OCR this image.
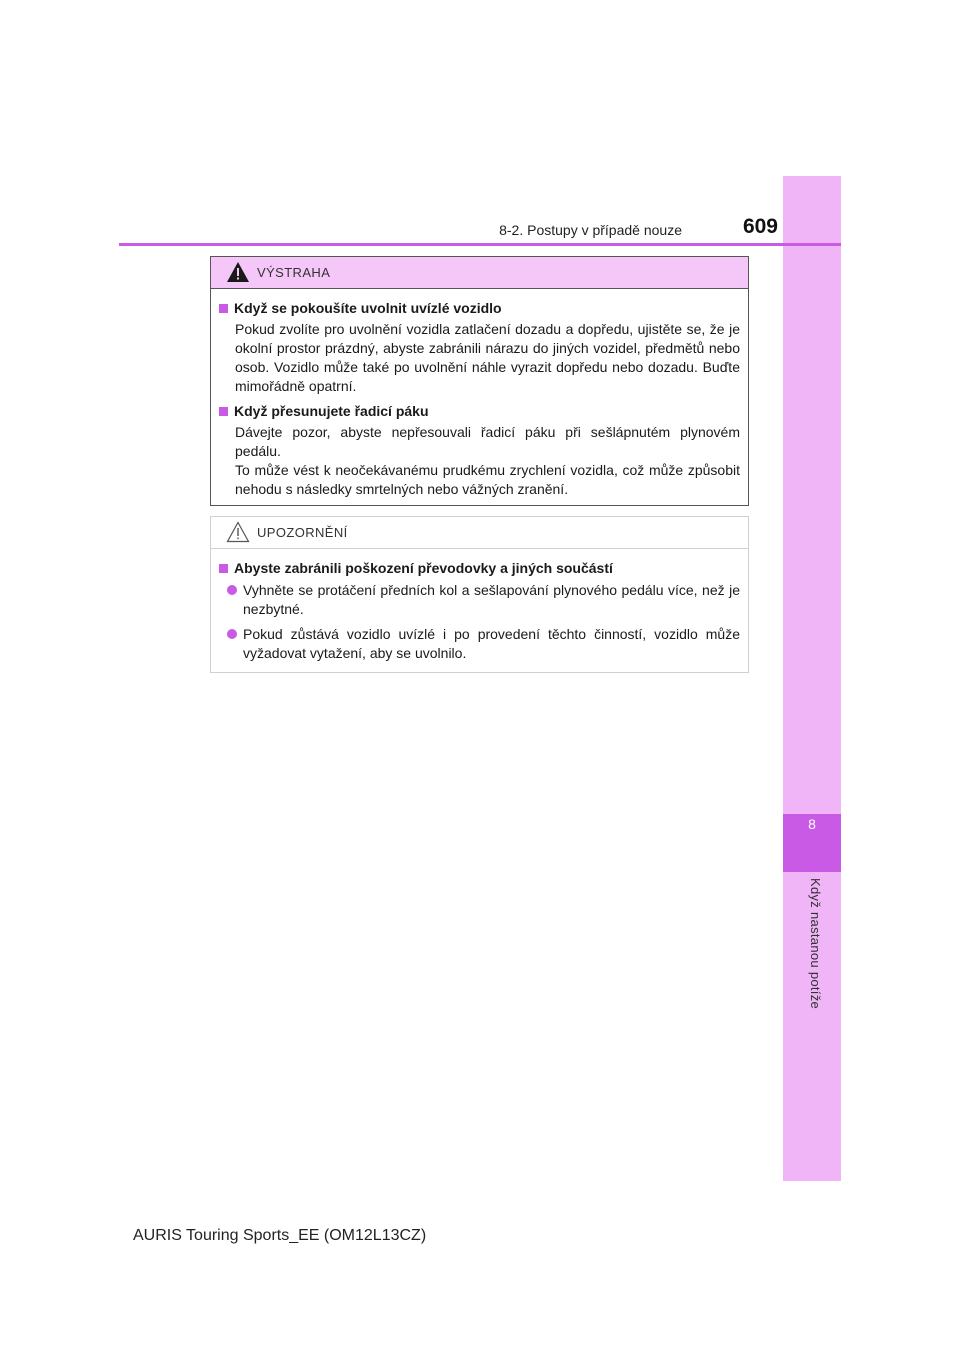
8
Když nastanou potíže
8-2. Postupy v případě nouze	609
VÝSTRAHA
Když se pokoušíte uvolnit uvízlé vozidlo

Pokud zvolíte pro uvolnění vozidla zatlačení dozadu a dopředu, ujistěte se, že je okolní prostor prázdný, abyste zabránili nárazu do jiných vozidel, předmětů nebo osob. Vozidlo může také po uvolnění náhle vyrazit dopředu nebo dozadu. Buďte mimořádně opatrní.

Když přesunujete řadicí páku

Dávejte pozor, abyste nepřesouvali řadicí páku při sešlápnutém plynovém pedálu.

To může vést k neočekávanému prudkému zrychlení vozidla, což může způsobit nehodu s následky smrtelných nebo vážných zranění.

UPOZORNĚNÍ
Abyste zabránili poškození převodovky a jiných součástí
Vyhněte se protáčení předních kol a sešlapování plynového pedálu více, než je nezbytné.
Pokud zůstává vozidlo uvízlé i po provedení těchto činností, vozidlo může vyžadovat vytažení, aby se uvolnilo.
AURIS Touring Sports_EE (OM12L13CZ)
